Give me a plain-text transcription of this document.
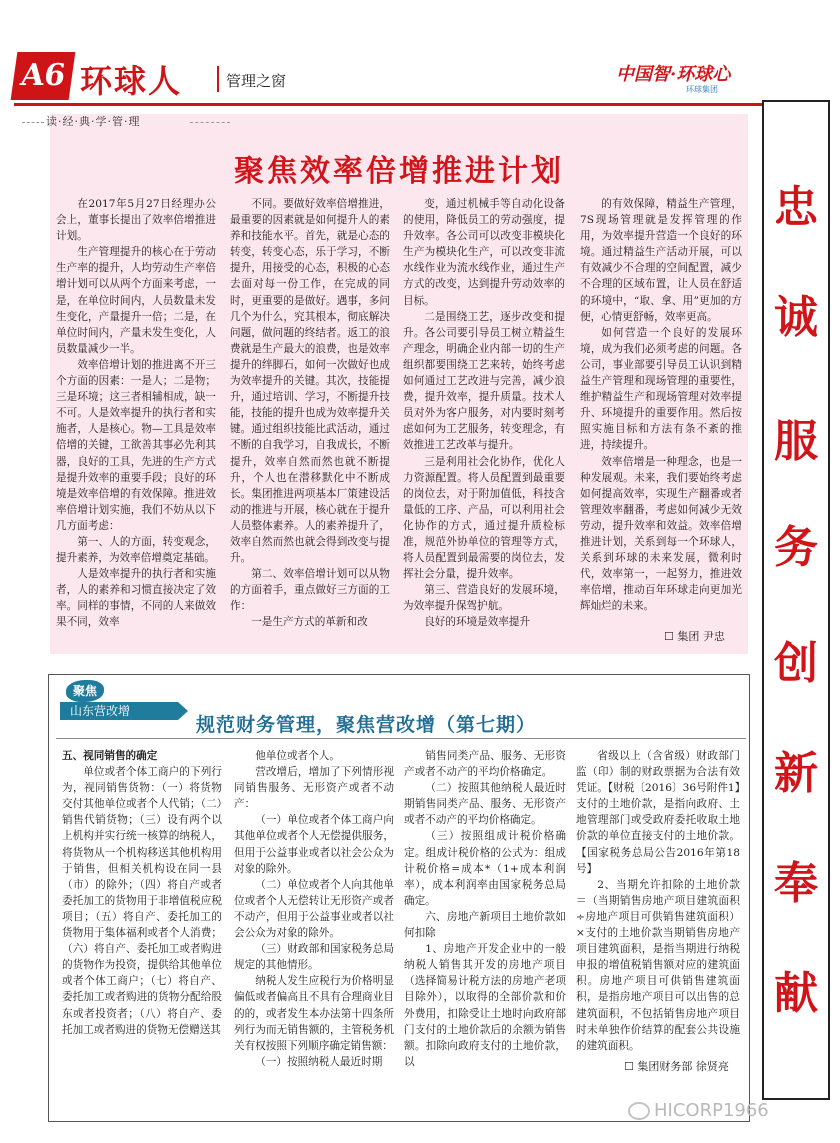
A6 环球人	管理之窗	中国智·环球心
环球集团
读·经·典·学·管·理
聚焦效率倍增推进计划

在2017年5月27日经理办公会上，董事长提出了效率倍增推进计划。

生产管理提升的核心在于劳动生产率的提升，人均劳动生产率倍增计划可以从两个方面来考虑，一是，在单位时间内，人员数量未发生变化，产量提升一倍；二是，在单位时间内，产量未发生变化，人员数量减少一半。

效率倍增计划的推进离不开三个方面的因素：一是人；二是物；三是环境；这三者相辅相成，缺一不可。人是效率提升的执行者和实施者，人是核心。物—工具是效率倍增的关键，工欲善其事必先利其器，良好的工具，先进的生产方式是提升效率的重要手段；良好的环境是效率倍增的有效保障。推进效率倍增计划实施，我们不妨从以下几方面考虑：

第一、人的方面，转变观念，提升素养，为效率倍增奠定基础。

人是效率提升的执行者和实施者，人的素养和习惯直接决定了效率。同样的事情，不同的人来做效果不同，效率

不同。要做好效率倍增推进，最重要的因素就是如何提升人的素养和技能水平。首先，就是心态的转变，转变心态，乐于学习，不断提升，用接受的心态，积极的心态去面对每一份工作，在完成的同时，更重要的是做好。遇事，多问几个为什么，究其根本，彻底解决问题，做问题的终结者。返工的浪费就是生产最大的浪费，也是效率提升的绊脚石，如何一次做好也成为效率提升的关键。其次，技能提升，通过培训、学习，不断提升技能，技能的提升也成为效率提升关键。通过组织技能比武活动，通过不断的自我学习，自我成长，不断提升，效率自然而然也就不断提升，个人也在潜移默化中不断成长。集团推进两项基本厂策建设活动的推进与开展，核心就在于提升人员整体素养。人的素养提升了，效率自然而然也就会得到改变与提升。

第二、效率倍增计划可以从物的方面着手，重点做好三方面的工作：

一是生产方式的革新和改

变，通过机械手等自动化设备的使用，降低员工的劳动强度，提升效率。各公司可以改变非模块化生产为模块化生产，可以改变非流水线作业为流水线作业，通过生产方式的改变，达到提升劳动效率的目标。

二是围绕工艺，逐步改变和提升。各公司要引导员工树立精益生产理念，明确企业内部一切的生产组织都要围绕工艺来转，始终考虑如何通过工艺改进与完善，减少浪费，提升效率，提升质量。技术人员对外为客户服务，对内要时刻考虑如何为工艺服务，转变理念，有效推进工艺改革与提升。

三是利用社会化协作，优化人力资源配置。将人员配置到最重要的岗位去，对于附加值低，科技含量低的工序、产品，可以利用社会化协作的方式，通过提升质检标准，规范外协单位的管理等方式，将人员配置到最需要的岗位去，发挥社会分量，提升效率。

第三、营造良好的发展环境，为效率提升保驾护航。

良好的环境是效率提升

的有效保障，精益生产管理，7S现场管理就是发挥管理的作用，为效率提升营造一个良好的环境。通过精益生产活动开展，可以有效减少不合理的空间配置，减少不合理的区域布置，让人员在舒适的环境中，“取、拿、用”更加的方便，心情更舒畅，效率更高。

如何营造一个良好的发展环境，成为我们必须考虑的问题。各公司，事业部要引导员工认识到精益生产管理和现场管理的重要性，维护精益生产和现场管理对效率提升、环境提升的重要作用。然后按照实施目标和方法有条不紊的推进，持续提升。

效率倍增是一种理念，也是一种发展观。未来，我们要始终考虑如何提高效率，实现生产翻番或者管理效率翻番，考虑如何减少无效劳动，提升效率和效益。效率倍增推进计划，关系到每一个环球人，关系到环球的未来发展，微利时代，效率第一，一起努力，推进效率倍增，推动百年环球走向更加光辉灿烂的未来。

☐ 集团 尹忠
聚焦
山东营改增
规范财务管理，聚焦营改增（第七期）
五、视同销售的确定
单位或者个体工商户的下列行为，视同销售货物：（一）将货物交付其他单位或者个人代销；（二）销售代销货物；（三）设有两个以上机构并实行统一核算的纳税人，将货物从一个机构移送其他机构用于销售，但相关机构设在同一县（市）的除外；（四）将自产或者委托加工的货物用于非增值税应税项目；（五）将自产、委托加工的货物用于集体福利或者个人消费；（六）将自产、委托加工或者购进的货物作为投资，提供给其他单位或者个体工商户；（七）将自产、委托加工或者购进的货物分配给股东或者投资者；（八）将自产、委托加工或者购进的货物无偿赠送其

他单位或者个人。

营改增后，增加了下列情形视同销售服务、无形资产或者不动产：

（一）单位或者个体工商户向其他单位或者个人无偿提供服务，但用于公益事业或者以社会公众为对象的除外。

（二）单位或者个人向其他单位或者个人无偿转让无形资产或者不动产，但用于公益事业或者以社会公众为对象的除外。

（三）财政部和国家税务总局规定的其他情形。

纳税人发生应税行为价格明显偏低或者偏高且不具有合理商业目的的，或者发生本办法第十四条所列行为而无销售额的，主管税务机关有权按照下列顺序确定销售额：

（一）按照纳税人最近时期

销售同类产品、服务、无形资产或者不动产的平均价格确定。

（二）按照其他纳税人最近时期销售同类产品、服务、无形资产或者不动产的平均价格确定。

（三）按照组成计税价格确定。组成计税价格的公式为：组成计税价格=成本*（1+成本利润率），成本利润率由国家税务总局确定。

六、房地产新项目土地价款如何扣除

1、房地产开发企业中的一般纳税人销售其开发的房地产项目（选择简易计税方法的房地产老项目除外），以取得的全部价款和价外费用，扣除受让土地时向政府部门支付的土地价款后的余额为销售额。扣除向政府支付的土地价款，以

省级以上（含省级）财政部门监（印）制的财政票据为合法有效凭证。【财税〔2016〕36号附件1】支付的土地价款，是指向政府、土地管理部门或受政府委托收取土地价款的单位直接支付的土地价款。【国家税务总局公告2016年第18号】

2、当期允许扣除的土地价款＝（当期销售房地产项目建筑面积÷房地产项目可供销售建筑面积）×支付的土地价款当期销售房地产项目建筑面积，是指当期进行纳税申报的增值税销售额对应的建筑面积。房地产项目可供销售建筑面积，是指房地产项目可以出售的总建筑面积，不包括销售房地产项目时未单独作价结算的配套公共设施的建筑面积。

☐ 集团财务部 徐贤亮
忠
诚
服
务
创
新
奉
献
HICORP1966
